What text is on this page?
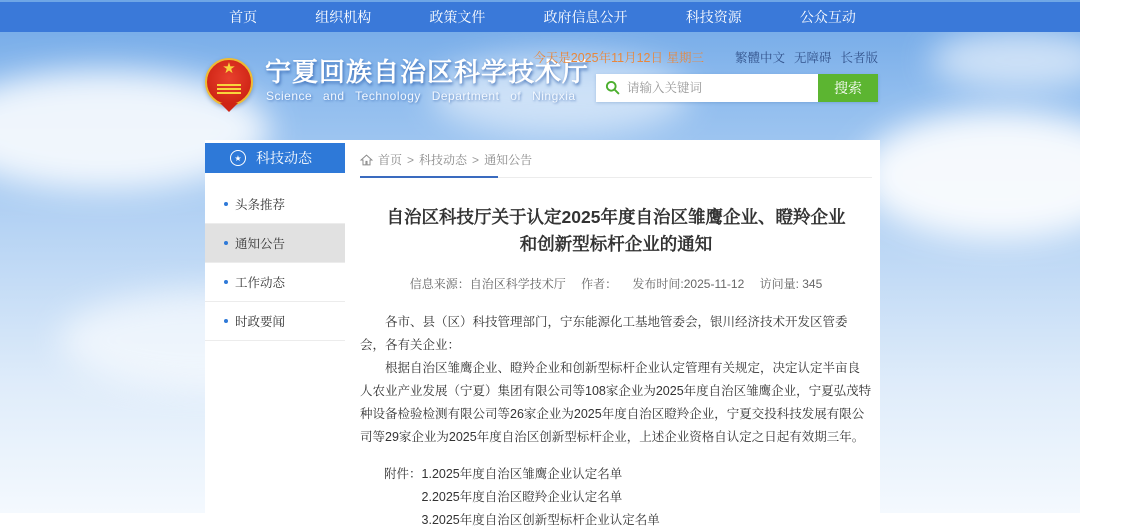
首页	组织机构	政策文件	政府信息公开	科技资源	公众互动
★ 宁夏回族自治区科学技术厅
Science and Technology Department of Ningxia
今天是2025年11月12日 星期三 繁體中文 无障碍 长者版
请输入关键词
搜索
★	科技动态
头条推荐
通知公告
工作动态
时政要闻
首页 > 科技动态 > 通知公告
自治区科技厅关于认定2025年度自治区雏鹰企业、瞪羚企业和创新型标杆企业的通知
信息来源：自治区科学技术厅 作者： 发布时间:2025-11-12 访问量: 345

各市、县（区）科技管理部门，宁东能源化工基地管委会，银川经济技术开发区管委会，各有关企业：

根据自治区雏鹰企业、瞪羚企业和创新型标杆企业认定管理有关规定，决定认定半亩良人农业产业发展（宁夏）集团有限公司等108家企业为2025年度自治区雏鹰企业，宁夏弘茂特种设备检验检测有限公司等26家企业为2025年度自治区瞪羚企业，宁夏交投科技发展有限公司等29家企业为2025年度自治区创新型标杆企业，上述企业资格自认定之日起有效期三年。

附件： 1.2025年度自治区雏鹰企业认定名单
2.2025年度自治区瞪羚企业认定名单
3.2025年度自治区创新型标杆企业认定名单
